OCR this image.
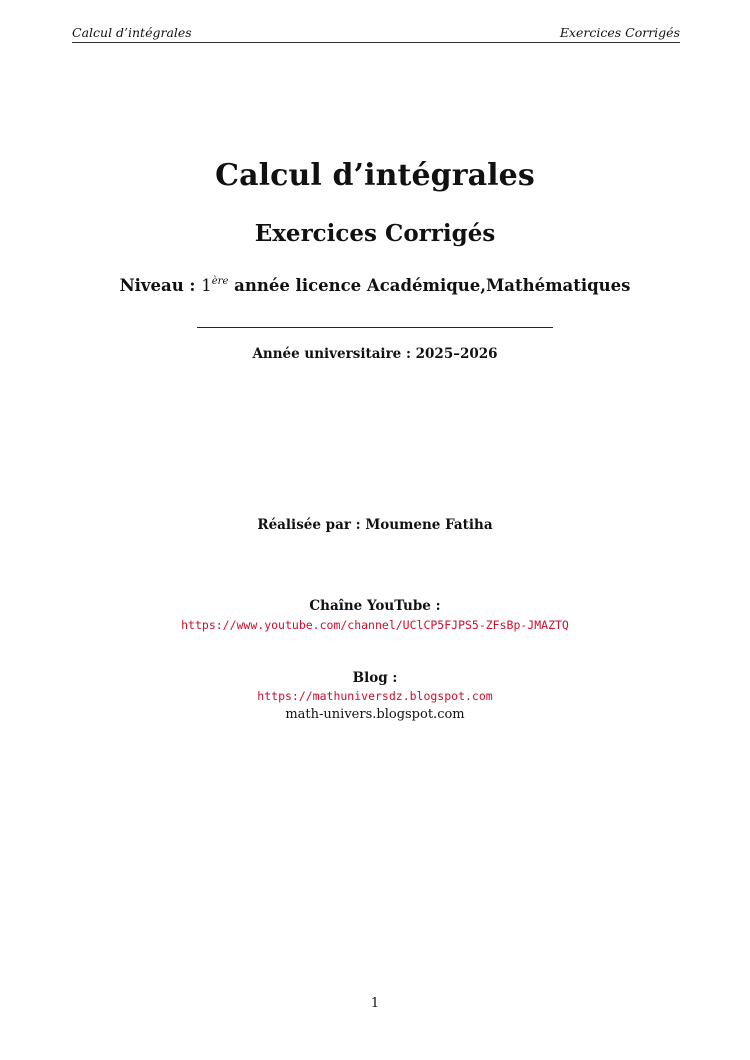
Calcul d’intégrales	Exercices Corrigés
Calcul d’intégrales
Exercices Corrigés
Niveau : 1ère année licence Académique,Mathématiques
Année universitaire : 2025–2026
Réalisée par : Moumene Fatiha
Chaîne YouTube :
https://www.youtube.com/channel/UClCP5FJPS5-ZFsBp-JMAZTQ
Blog :
https://mathuniversdz.blogspot.com
math-univers.blogspot.com
1
